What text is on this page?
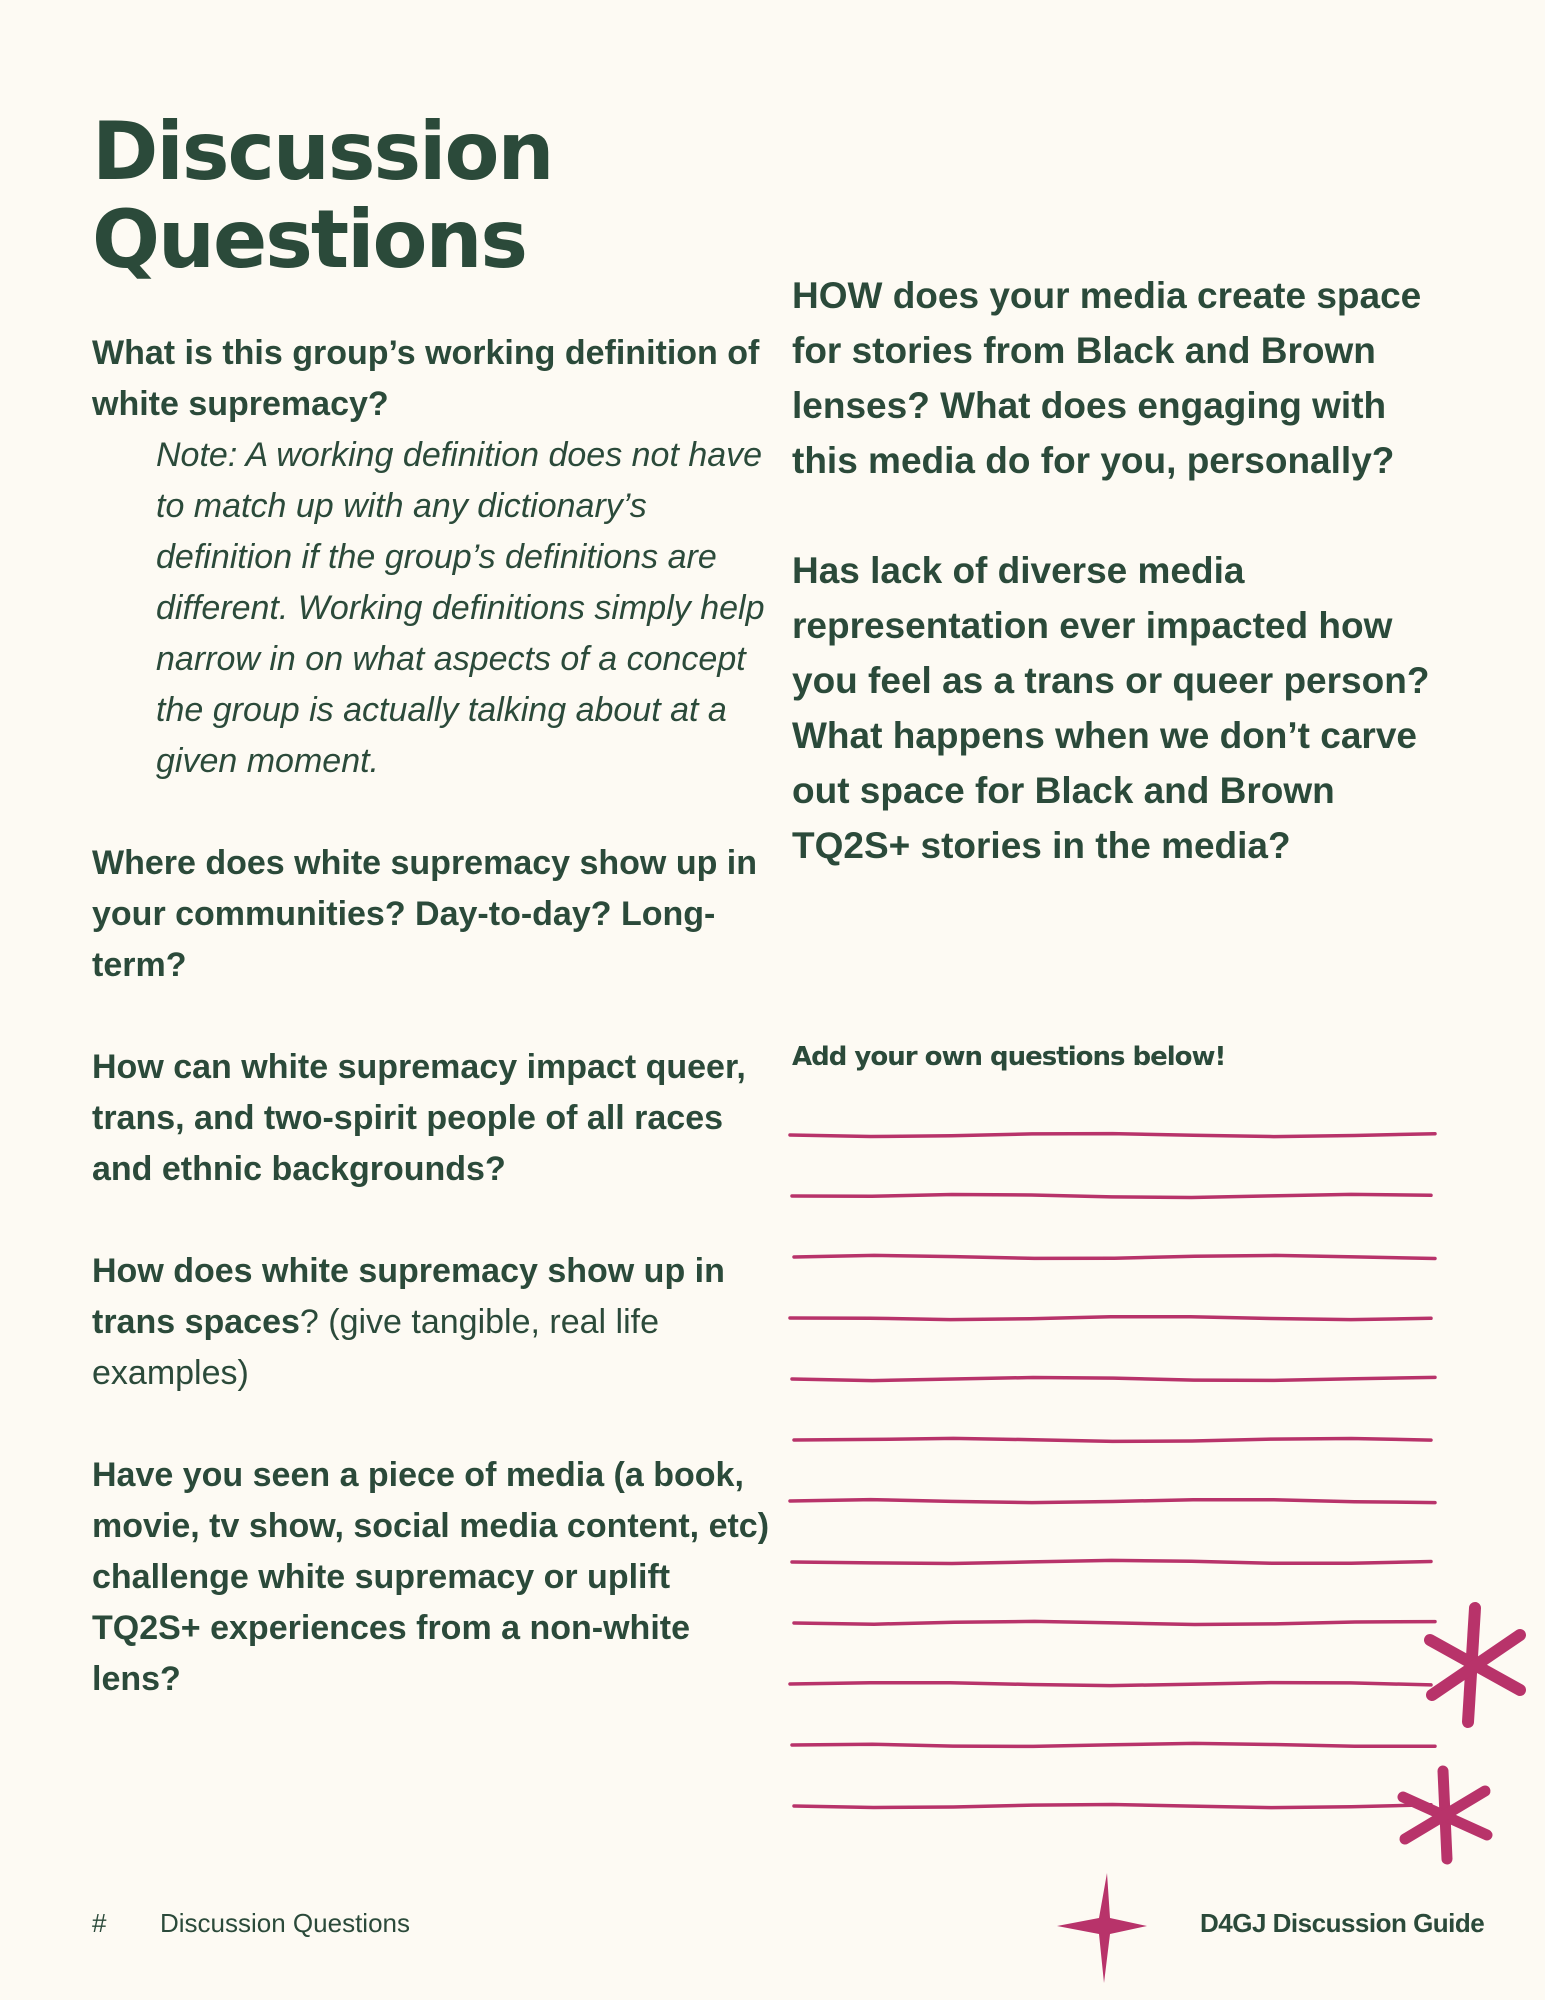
Discussion Questions

What is this group’s working definition of white supremacy?

Note: A working definition does not have to match up with any dictionary’s definition if the group’s definitions are different. Working definitions simply help narrow in on what aspects of a concept the group is actually talking about at a given moment.

Where does white supremacy show up in your communities? Day-to-day? Long-term?

How can white supremacy impact queer, trans, and two-spirit people of all races and ethnic backgrounds?

How does white supremacy show up in trans spaces? (give tangible, real life examples)

Have you seen a piece of media (a book, movie, tv show, social media content, etc) challenge white supremacy or uplift TQ2S+ experiences from a non-white lens?

HOW does your media create space for stories from Black and Brown lenses? What does engaging with this media do for you, personally?

Has lack of diverse media representation ever impacted how you feel as a trans or queer person? What happens when we don’t carve out space for Black and Brown TQ2S+ stories in the media?

Add your own questions below!
# Discussion Questions	D4GJ Discussion Guide
